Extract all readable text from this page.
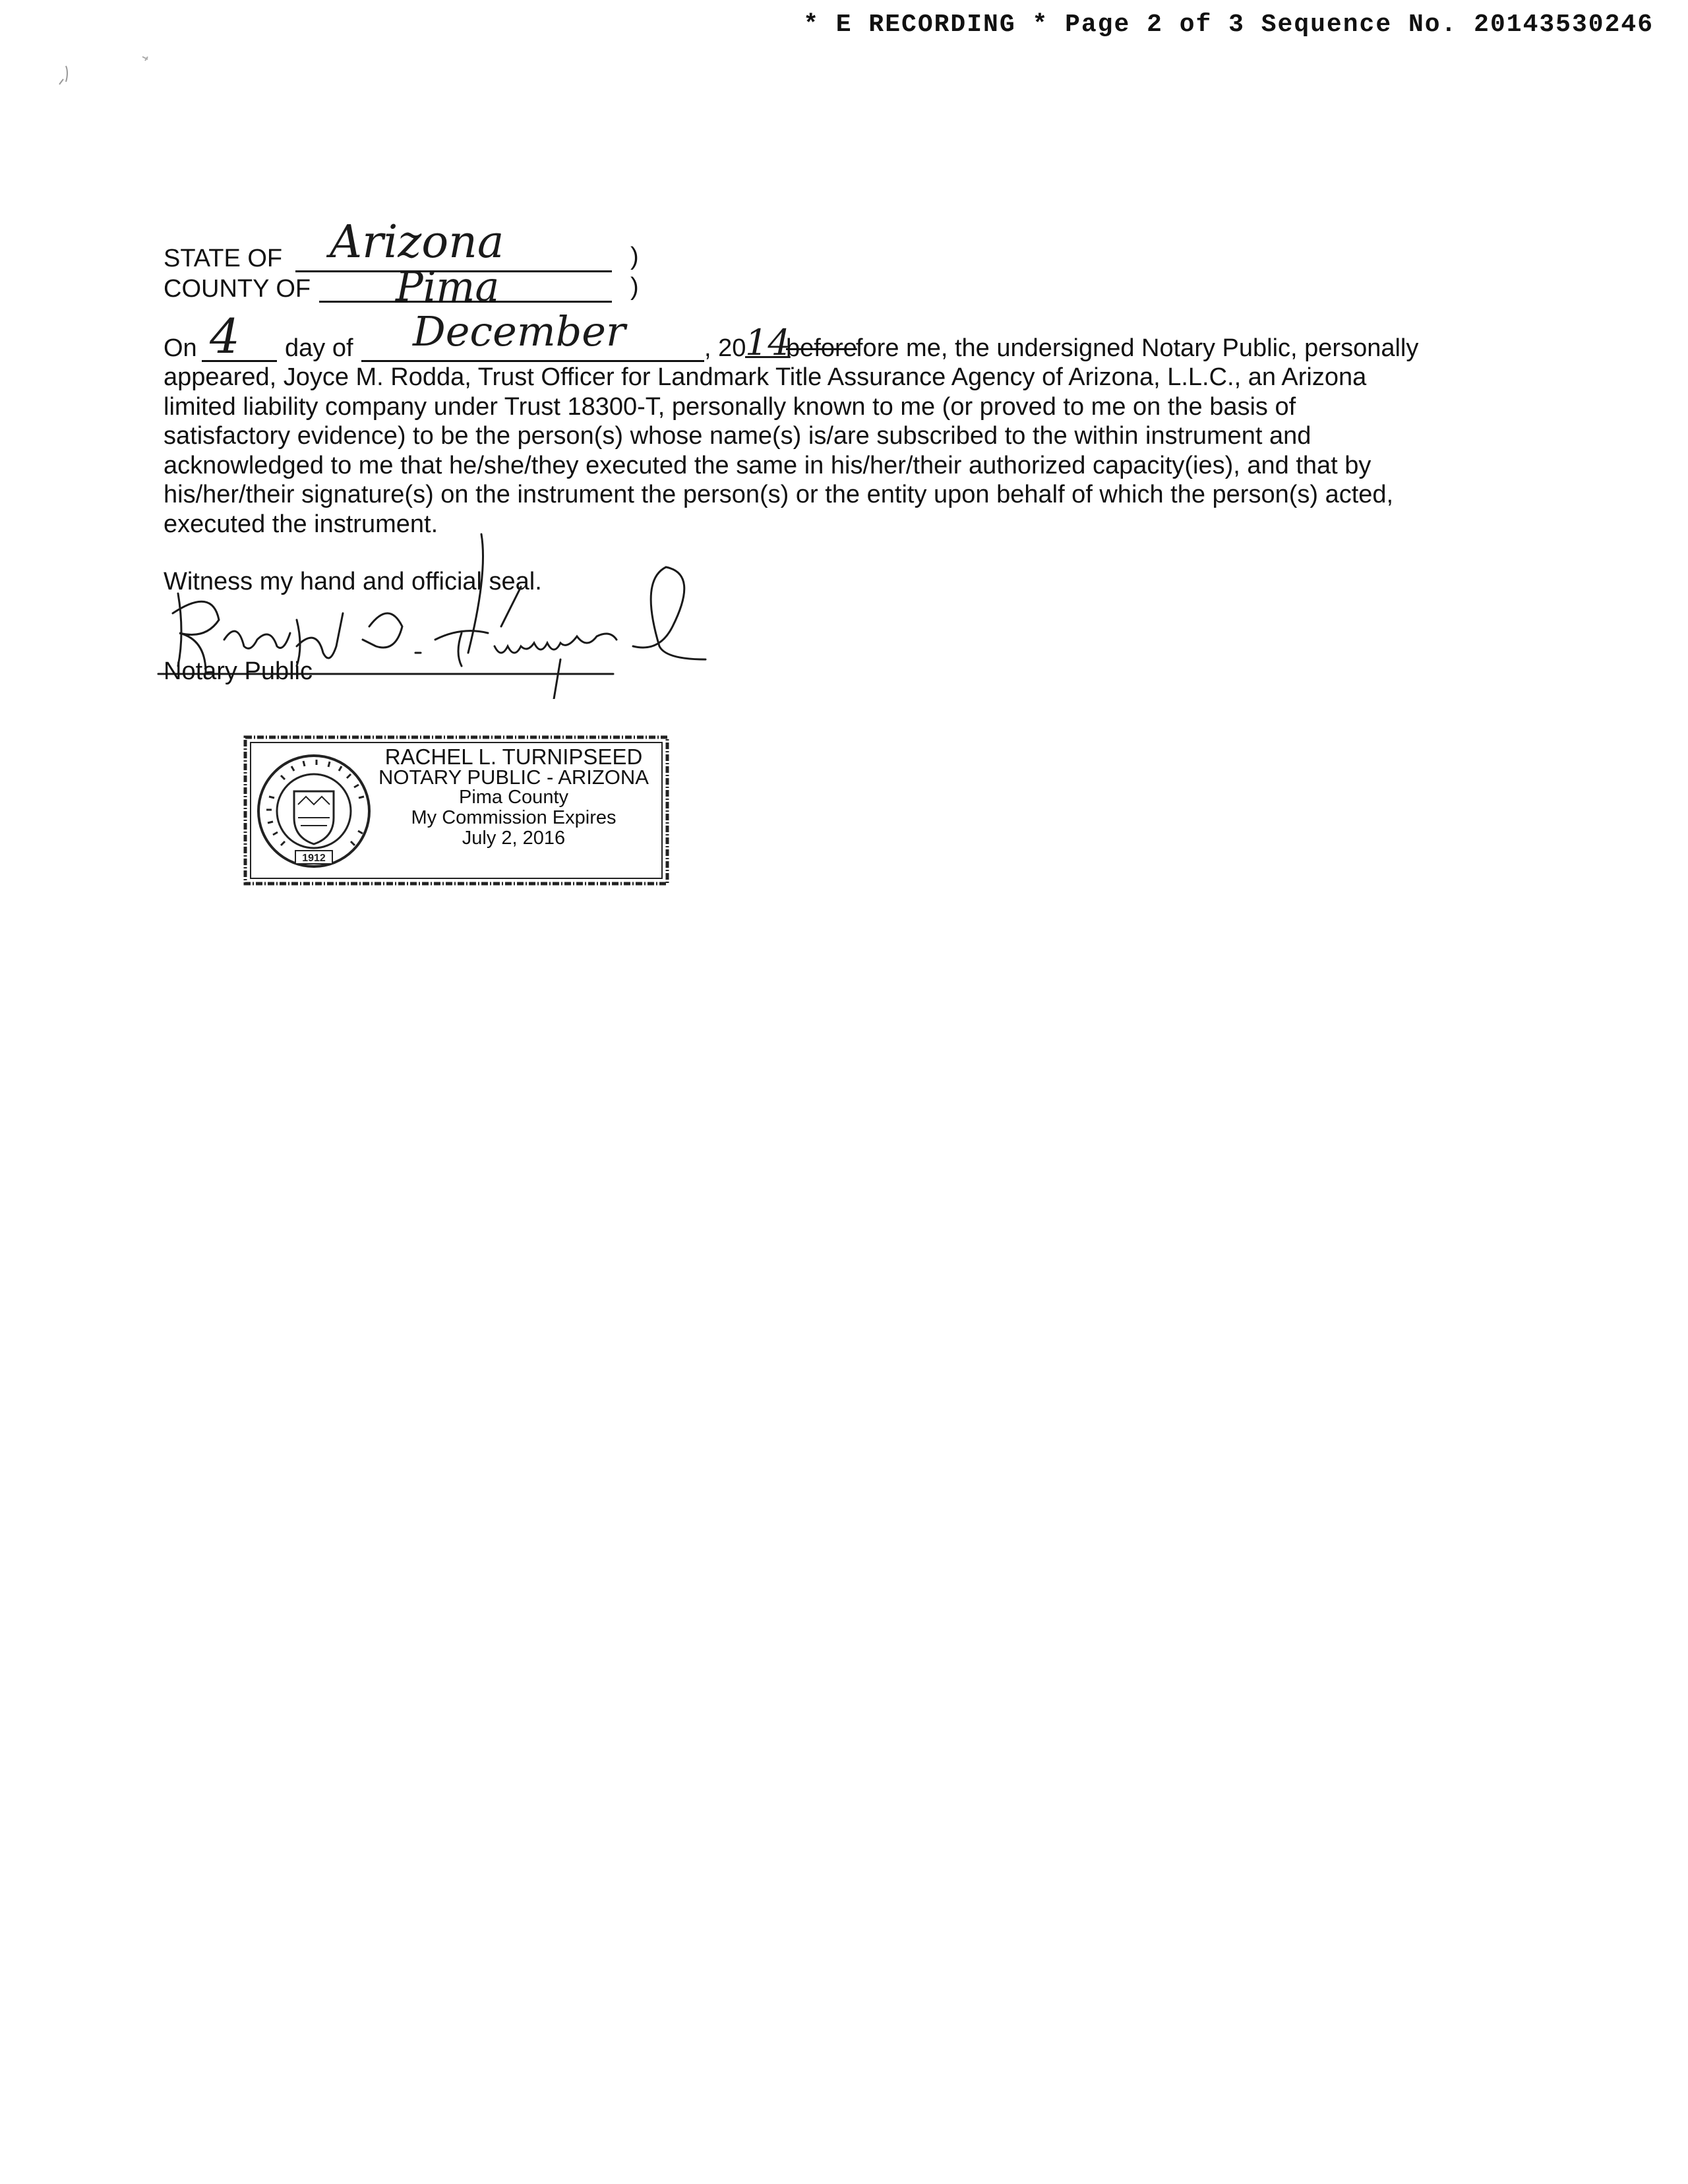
* E RECORDING * Page 2 of 3 Sequence No. 20143530246
STATE OF Arizona	)
COUNTY OF Pima	)
On 4 day of December	, 20
14
before
fore me, the undersigned Notary Public, personally

appeared, Joyce M. Rodda, Trust Officer for Landmark Title Assurance Agency of Arizona, L.L.C., an Arizona

limited liability company under Trust 18300-T, personally known to me (or proved to me on the basis of

satisfactory evidence) to be the person(s) whose name(s) is/are subscribed to the within instrument and

acknowledged to me that he/she/they executed the same in his/her/their authorized capacity(ies), and that by

his/her/their signature(s) on the instrument the person(s) or the entity upon behalf of which the person(s) acted,

executed the instrument.

Witness my hand and official seal.
Notary Public
1912
RACHEL L. TURNIPSEED
NOTARY PUBLIC - ARIZONA
Pima County
My Commission Expires
July 2, 2016
